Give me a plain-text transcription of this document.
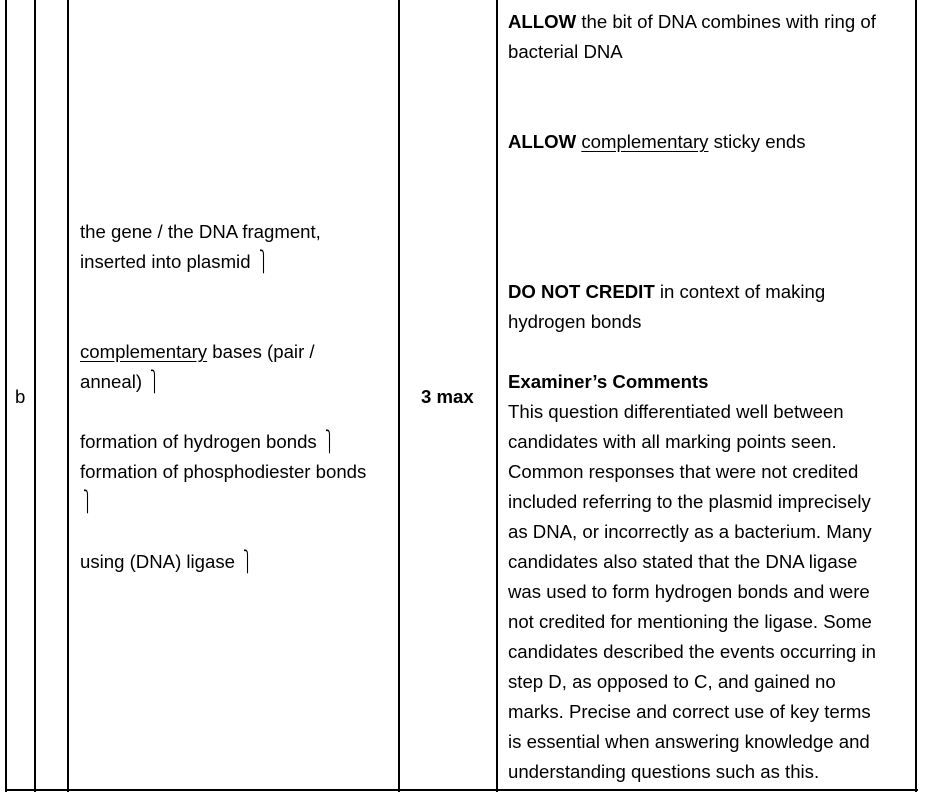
b
the gene / the DNA fragment,
inserted into plasmid ⎫
complementary bases (pair /
anneal) ⎫
formation of hydrogen bonds ⎫
formation of phosphodiester bonds
⎫
using (DNA) ligase ⎫
3 max
ALLOW the bit of DNA combines with ring of
bacterial DNA
ALLOW complementary sticky ends
DO NOT CREDIT in context of making
hydrogen bonds
Examiner’s Comments
This question differentiated well between
candidates with all marking points seen.
Common responses that were not credited
included referring to the plasmid imprecisely
as DNA, or incorrectly as a bacterium. Many
candidates also stated that the DNA ligase
was used to form hydrogen bonds and were
not credited for mentioning the ligase. Some
candidates described the events occurring in
step D, as opposed to C, and gained no
marks. Precise and correct use of key terms
is essential when answering knowledge and
understanding questions such as this.
